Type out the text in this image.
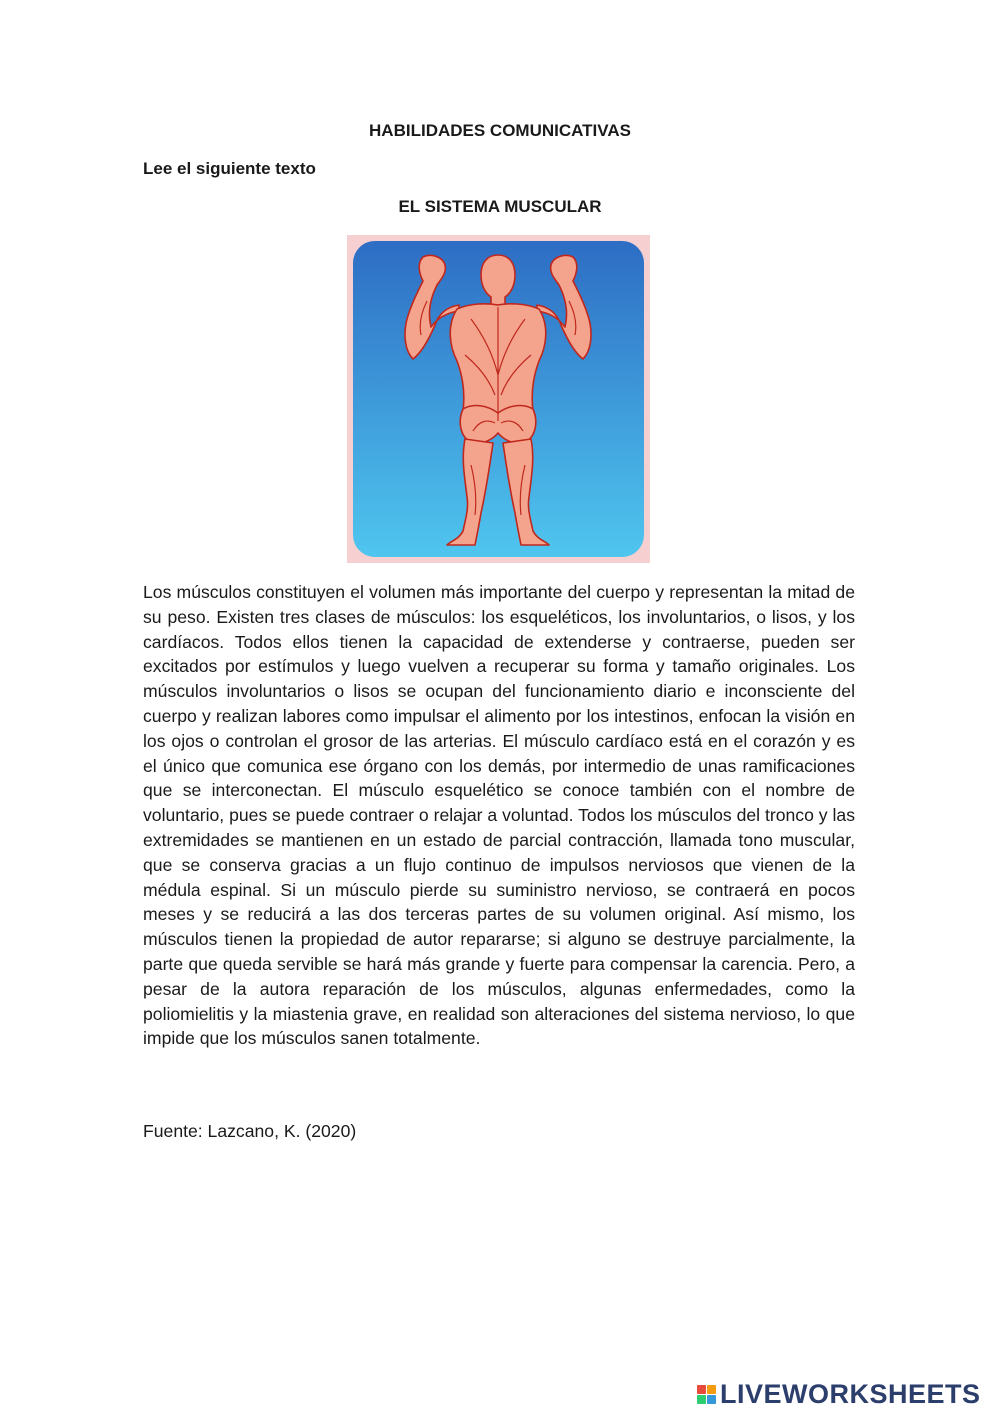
HABILIDADES COMUNICATIVAS

Lee el siguiente texto

EL SISTEMA MUSCULAR

Los músculos constituyen el volumen más importante del cuerpo y representan la mitad de su peso. Existen tres clases de músculos: los esqueléticos, los involuntarios, o lisos, y los cardíacos. Todos ellos tienen la capacidad de extenderse y contraerse, pueden ser excitados por estímulos y luego vuelven a recuperar su forma y tamaño originales. Los músculos involuntarios o lisos se ocupan del funcionamiento diario e inconsciente del cuerpo y realizan labores como impulsar el alimento por los intestinos, enfocan la visión en los ojos o controlan el grosor de las arterias. El músculo cardíaco está en el corazón y es el único que comunica ese órgano con los demás, por intermedio de unas ramificaciones que se interconectan. El músculo esquelético se conoce también con el nombre de voluntario, pues se puede contraer o relajar a voluntad. Todos los músculos del tronco y las extremidades se mantienen en un estado de parcial contracción, llamada tono muscular, que se conserva gracias a un flujo continuo de impulsos nerviosos que vienen de la médula espinal. Si un músculo pierde su suministro nervioso, se contraerá en pocos meses y se reducirá a las dos terceras partes de su volumen original. Así mismo, los músculos tienen la propiedad de autor repararse; si alguno se destruye parcialmente, la parte que queda servible se hará más grande y fuerte para compensar la carencia. Pero, a pesar de la autora reparación de los músculos, algunas enfermedades, como la poliomielitis y la miastenia grave, en realidad son alteraciones del sistema nervioso, lo que impide que los músculos sanen totalmente.

Fuente: Lazcano, K. (2020)

LIVEWORKSHEETS
